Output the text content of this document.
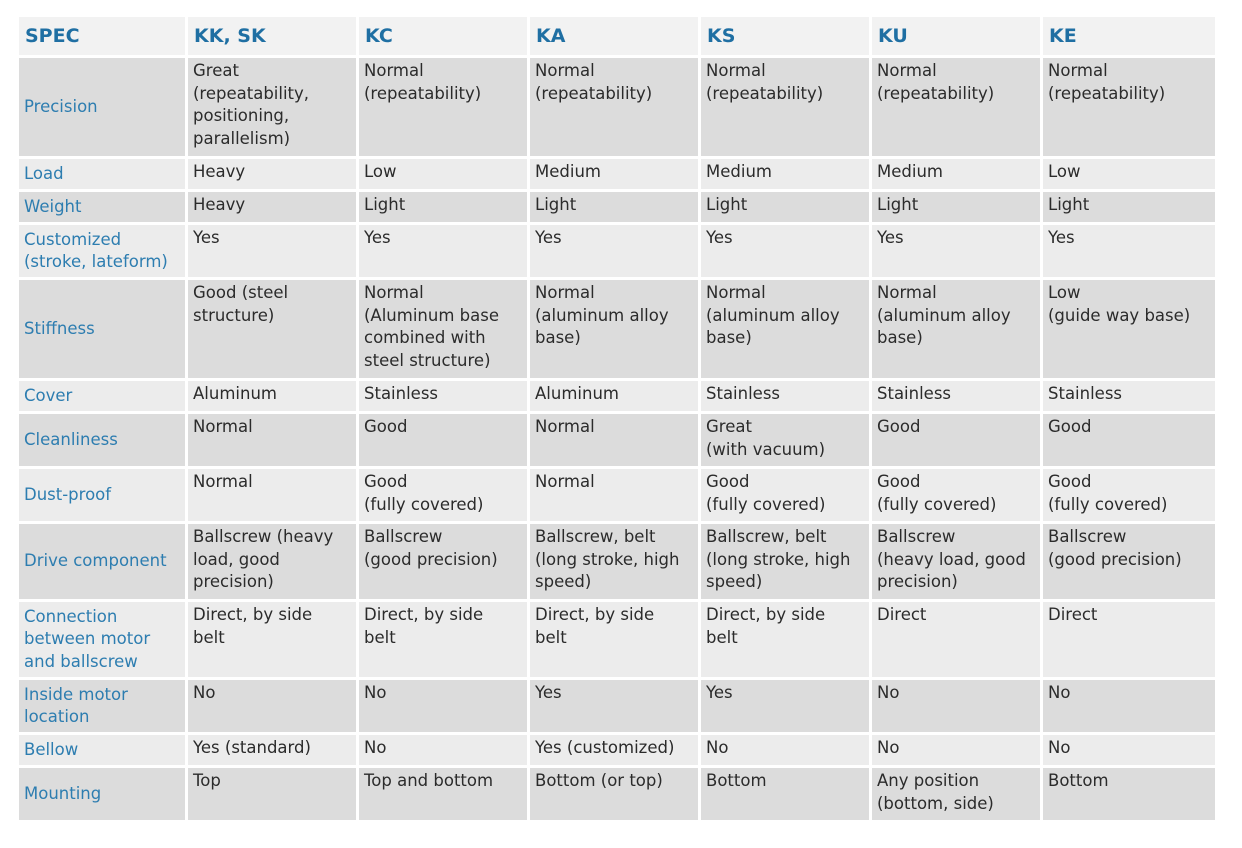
SPEC	KK, SK	KC	KA	KS	KU	KE

Precision	Great
(repeatability,
positioning,
parallelism)	Normal
(repeatability)	Normal
(repeatability)	Normal
(repeatability)	Normal
(repeatability)	Normal
(repeatability)

Load	Heavy	Low	Medium	Medium	Medium	Low

Weight	Heavy	Light	Light	Light	Light	Light

Customized
(stroke, lateform)	Yes	Yes	Yes	Yes	Yes	Yes

Stiffness	Good (steel
structure)	Normal
(Aluminum base
combined with
steel structure)	Normal
(aluminum alloy
base)	Normal
(aluminum alloy
base)	Normal
(aluminum alloy
base)	Low
(guide way base)

Cover	Aluminum	Stainless	Aluminum	Stainless	Stainless	Stainless

Cleanliness	Normal	Good	Normal	Great
(with vacuum)	Good	Good

Dust-proof	Normal	Good
(fully covered)	Normal	Good
(fully covered)	Good
(fully covered)	Good
(fully covered)

Drive component	Ballscrew (heavy
load, good
precision)	Ballscrew
(good precision)	Ballscrew, belt
(long stroke, high
speed)	Ballscrew, belt
(long stroke, high
speed)	Ballscrew
(heavy load, good
precision)	Ballscrew
(good precision)

Connection
between motor
and ballscrew	Direct, by side
belt	Direct, by side
belt	Direct, by side
belt	Direct, by side
belt	Direct	Direct

Inside motor
location	No	No	Yes	Yes	No	No

Bellow	Yes (standard)	No	Yes (customized)	No	No	No

Mounting	Top	Top and bottom	Bottom (or top)	Bottom	Any position
(bottom, side)	Bottom
